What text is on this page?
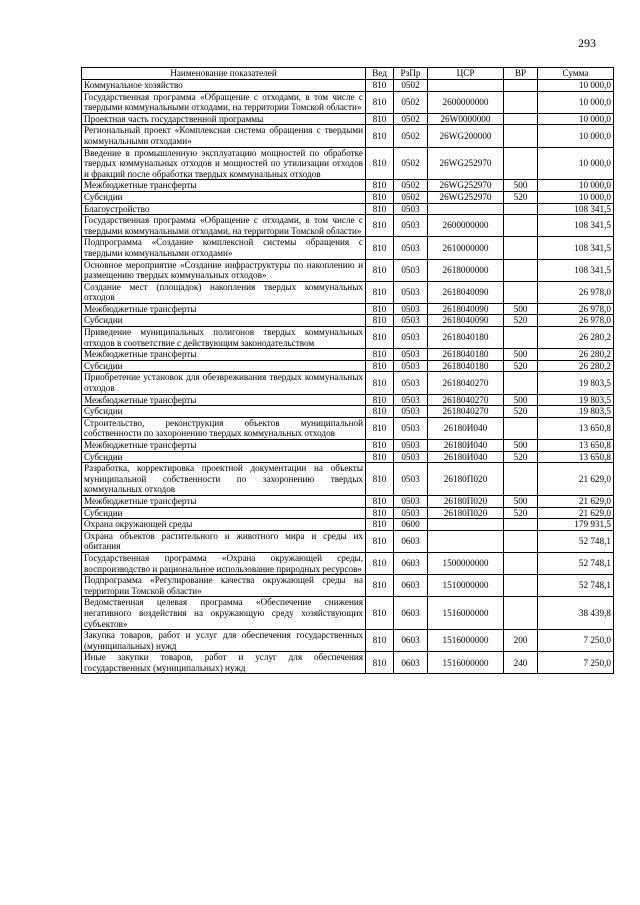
293
Наименование показателей	Вед	РзПр	ЦСР	ВР	Сумма
Коммунальное хозяйство	810	0502			10 000,0
Государственная программа «Обращение с отходами, в том числе с твердыми коммунальными отходами, на территории Томской области»	810	0502	2600000000		10 000,0
Проектная часть государственной программы	810	0502	26W0000000		10 000,0
Региональный проект «Комплексная система обращения с твердыми коммунальными отходами»	810	0502	26WG200000		10 000,0
Введение в промышленную эксплуатацию мощностей по обработке твердых коммунальных отходов и мощностей по утилизации отходов и фракций после обработки твердых коммунальных отходов	810	0502	26WG252970		10 000,0
Межбюджетные трансферты	810	0502	26WG252970	500	10 000,0
Субсидии	810	0502	26WG252970	520	10 000,0
Благоустройство	810	0503			108 341,5
Государственная программа «Обращение с отходами, в том числе с твердыми коммунальными отходами, на территории Томской области»	810	0503	2600000000		108 341,5
Подпрограмма «Создание комплексной системы обращения с твердыми коммунальными отходами»	810	0503	2610000000		108 341,5
Основное мероприятие «Создание инфраструктуры по накоплению и размещению твердых коммунальных отходов»	810	0503	2618000000		108 341,5
Создание мест (площадок) накопления твердых коммунальных отходов	810	0503	2618040090		26 978,0
Межбюджетные трансферты	810	0503	2618040090	500	26 978,0
Субсидии	810	0503	2618040090	520	26 978,0
Приведение муниципальных полигонов твердых коммунальных отходов в соответствие с действующим законодательством	810	0503	2618040180		26 280,2
Межбюджетные трансферты	810	0503	2618040180	500	26 280,2
Субсидии	810	0503	2618040180	520	26 280,2
Приобретение установок для обезвреживания твердых коммунальных отходов	810	0503	2618040270		19 803,5
Межбюджетные трансферты	810	0503	2618040270	500	19 803,5
Субсидии	810	0503	2618040270	520	19 803,5
Строительство, реконструкция объектов муниципальной собственности по захоронению твердых коммунальных отходов	810	0503	26180И040		13 650,8
Межбюджетные трансферты	810	0503	26180И040	500	13 650,8
Субсидии	810	0503	26180И040	520	13 650,8
Разработка, корректировка проектной документации на объекты муниципальной собственности по захоронению твердых коммунальных отходов	810	0503	26180П020		21 629,0
Межбюджетные трансферты	810	0503	26180П020	500	21 629,0
Субсидии	810	0503	26180П020	520	21 629,0
Охрана окружающей среды	810	0600			179 931,5
Охрана объектов растительного и животного мира и среды их обитания	810	0603			52 748,1
Государственная программа «Охрана окружающей среды, воспроизводство и рациональное использование природных ресурсов»	810	0603	1500000000		52 748,1
Подпрограмма «Регулирование качества окружающей среды на территории Томской области»	810	0603	1510000000		52 748,1
Ведомственная целевая программа «Обеспечение снижения негативного воздействия на окружающую среду хозяйствующих субъектов»	810	0603	1516000000		38 439,8
Закупка товаров, работ и услуг для обеспечения государственных (муниципальных) нужд	810	0603	1516000000	200	7 250,0
Иные закупки товаров, работ и услуг для обеспечения государственных (муниципальных) нужд	810	0603	1516000000	240	7 250,0
